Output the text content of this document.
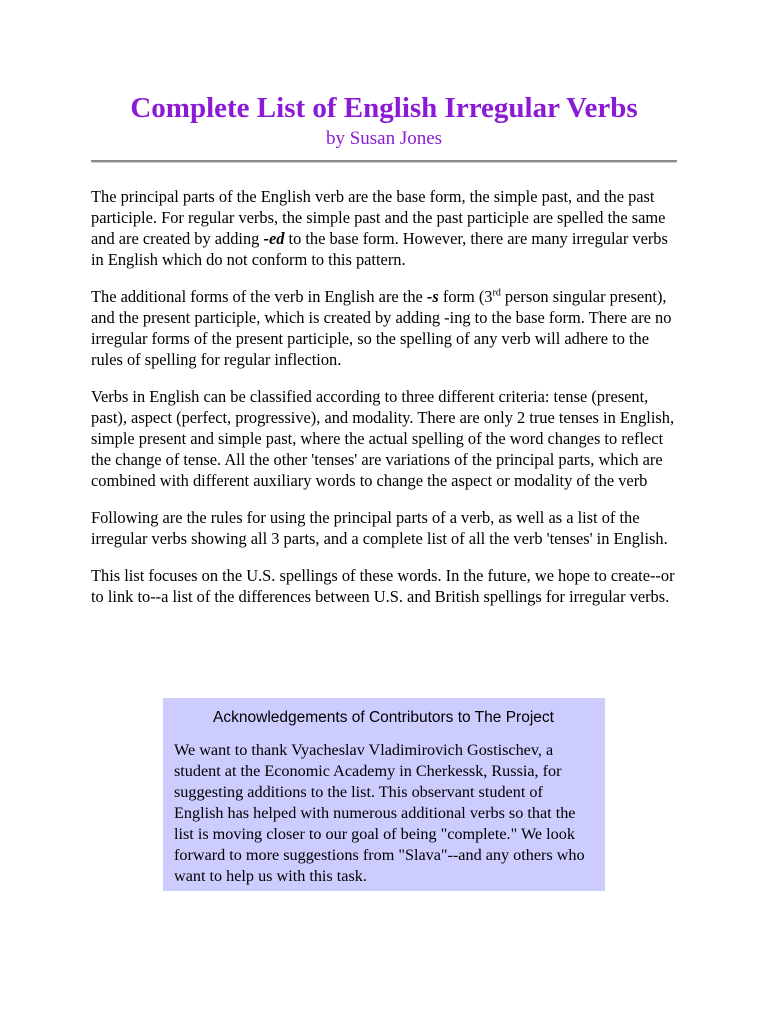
Complete List of English Irregular Verbs
by Susan Jones

The principal parts of the English verb are the base form, the simple past, and the past participle. For regular verbs, the simple past and the past participle are spelled the same and are created by adding -ed to the base form. However, there are many irregular verbs in English which do not conform to this pattern.

The additional forms of the verb in English are the -s form (3rd person singular present), and the present participle, which is created by adding -ing to the base form. There are no irregular forms of the present participle, so the spelling of any verb will adhere to the rules of spelling for regular inflection.

Verbs in English can be classified according to three different criteria: tense (present, past), aspect (perfect, progressive), and modality. There are only 2 true tenses in English, simple present and simple past, where the actual spelling of the word changes to reflect the change of tense. All the other 'tenses' are variations of the principal parts, which are combined with different auxiliary words to change the aspect or modality of the verb

Following are the rules for using the principal parts of a verb, as well as a list of the irregular verbs showing all 3 parts, and a complete list of all the verb 'tenses' in English.

This list focuses on the U.S. spellings of these words. In the future, we hope to create--or to link to--a list of the differences between U.S. and British spellings for irregular verbs.

Acknowledgements of Contributors to The Project

We want to thank Vyacheslav Vladimirovich Gostischev, a student at the Economic Academy in Cherkessk, Russia, for suggesting additions to the list. This observant student of English has helped with numerous additional verbs so that the list is moving closer to our goal of being "complete." We look forward to more suggestions from "Slava"--and any others who want to help us with this task.
